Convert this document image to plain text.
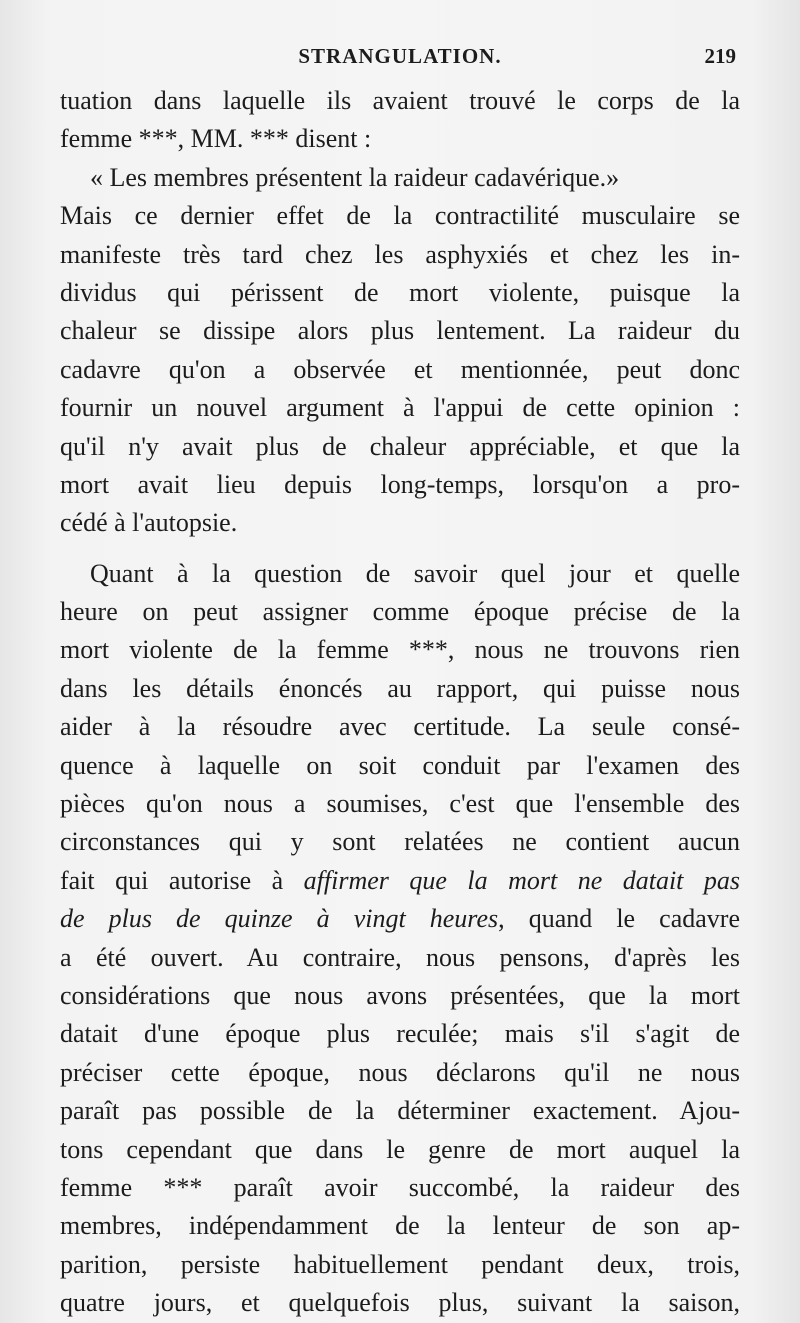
STRANGULATION.	219
tuation dans laquelle ils avaient trouvé le corps de la
femme ***, MM. *** disent :
« Les membres présentent la raideur cadavérique.»
Mais ce dernier effet de la contractilité musculaire se
manifeste très tard chez les asphyxiés et chez les in-
dividus qui périssent de mort violente, puisque la
chaleur se dissipe alors plus lentement. La raideur du
cadavre qu'on a observée et mentionnée, peut donc
fournir un nouvel argument à l'appui de cette opinion :
qu'il n'y avait plus de chaleur appréciable, et que la
mort avait lieu depuis long-temps, lorsqu'on a pro-
cédé à l'autopsie.
Quant à la question de savoir quel jour et quelle
heure on peut assigner comme époque précise de la
mort violente de la femme ***, nous ne trouvons rien
dans les détails énoncés au rapport, qui puisse nous
aider à la résoudre avec certitude. La seule consé-
quence à laquelle on soit conduit par l'examen des
pièces qu'on nous a soumises, c'est que l'ensemble des
circonstances qui y sont relatées ne contient aucun
fait qui autorise à affirmer que la mort ne datait pas
de plus de quinze à vingt heures, quand le cadavre
a été ouvert. Au contraire, nous pensons, d'après les
considérations que nous avons présentées, que la mort
datait d'une époque plus reculée; mais s'il s'agit de
préciser cette époque, nous déclarons qu'il ne nous
paraît pas possible de la déterminer exactement. Ajou-
tons cependant que dans le genre de mort auquel la
femme *** paraît avoir succombé, la raideur des
membres, indépendamment de la lenteur de son ap-
parition, persiste habituellement pendant deux, trois,
quatre jours, et quelquefois plus, suivant la saison,
